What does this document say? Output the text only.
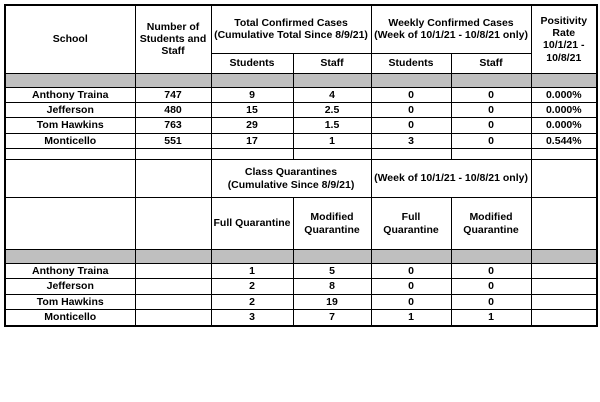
School	Number of Students and Staff	Total Confirmed Cases (Cumulative Total Since 8/9/21)		Weekly Confirmed Cases (Week of 10/1/21 - 10/8/21 only)		Positivity Rate 10/1/21 - 10/8/21
		Students	Staff	Students	Staff	

Anthony Traina	747	9	4	0	0	0.000%
Jefferson	480	15	2.5	0	0	0.000%
Tom Hawkins	763	29	1.5	0	0	0.000%
Monticello	551	17	1	3	0	0.544%

		Class Quarantines (Cumulative Since 8/9/21)		(Week of 10/1/21 - 10/8/21 only)		
		Full Quarantine	Modified Quarantine	Full Quarantine	Modified Quarantine	

Anthony Traina		1	5	0	0	
Jefferson		2	8	0	0	
Tom Hawkins		2	19	0	0	
Monticello		3	7	1	1	
